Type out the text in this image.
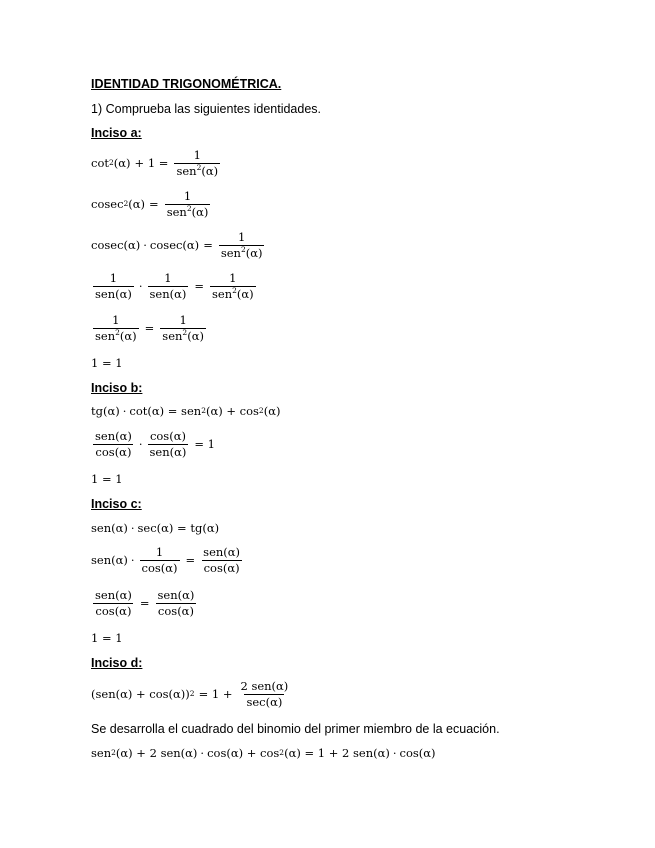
IDENTIDAD TRIGONOMÉTRICA.
1) Comprueba las siguientes identidades.
Inciso a:
cot 2 $(\alpha) + 1 = \frac{1}{sen^2(\alpha)}$
cosec 2 $(\alpha) = \frac{1}{sen^2(\alpha)}$
$cosec(\alpha) \cdot cosec(\alpha) = \frac{1}{sen^2(\alpha)}$
$\frac{1}{\text{sen(α)}} \cdot \frac{1}{\text{sen(α)}} = \frac{1}{sen^2(\alpha)}$
$\frac{1}{sen^2(\alpha)} = \frac{1}{sen^2(\alpha)}$
1 = 1
Inciso b:
tg(α) · cot(α) = sen 2 (α) + cos 2 (α)
$\frac{\text{sen(α)}}{\cos(\alpha)} \cdot \frac{\cos(\alpha)}{\text{sen(α)}} = 1$
1 = 1
Inciso c:
sen(α) · sec(α) = tg(α)
$sen(\alpha) \cdot \frac{1}{\cos(\alpha)} = \frac{\text{sen(α)}}{\cos(\alpha)}$
$\frac{\text{sen(α)}}{\cos(\alpha)} = \frac{\text{sen(α)}}{\cos(\alpha)}$
1 = 1
Inciso d:
(sen(α) + cos(α)) $2 = 1 + \frac{\text{2 sen(α)}}{\sec(\alpha)}$
Se desarrolla el cuadrado del binomio del primer miembro de la ecuación.
sen 2 (α) + 2 sen(α) · cos(α) + cos 2 (α) = 1 + 2 sen(α) · cos(α)
